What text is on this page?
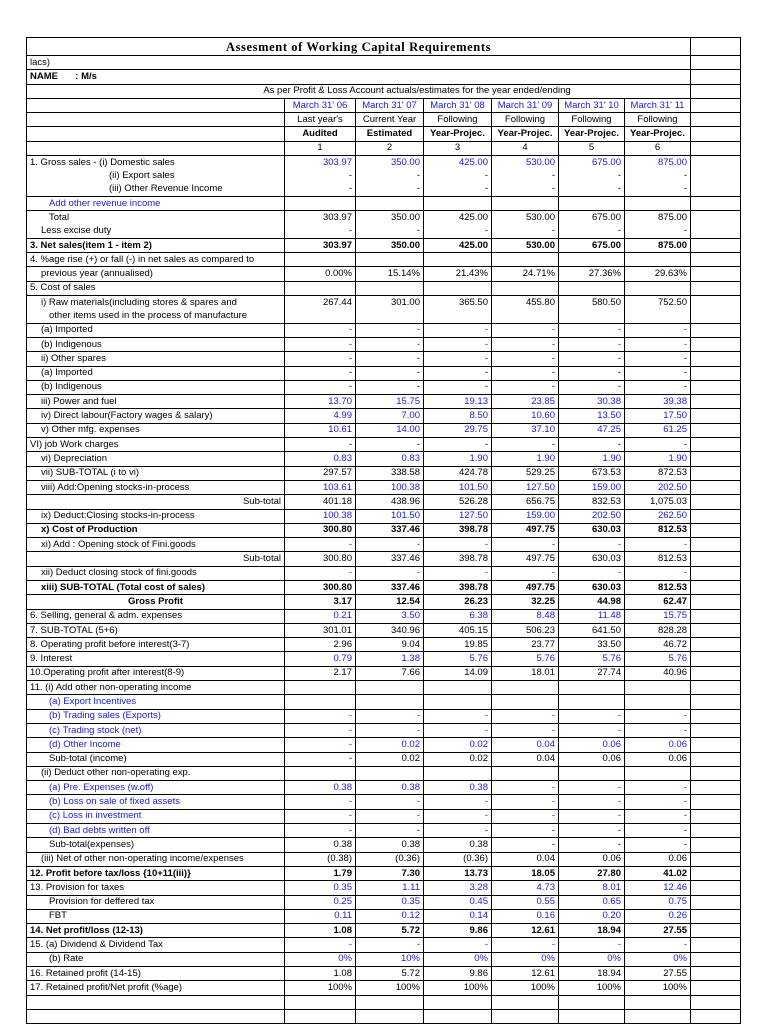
Assesment of Working Capital Requirements							
lacs)							
NAME : M/s							
As per Profit & Loss Account actuals/estimates for the year ended/ending							
	March 31' 06	March 31' 07	March 31' 08	March 31' 09	March 31' 10	March 31' 11	
	Last year's	Current Year	Following	Following	Following	Following	
	Audited	Estimated	Year-Projec.	Year-Projec.	Year-Projec.	Year-Projec.	
	1	2	3	4	5	6	
1. Gross sales - (i) Domestic sales	303.97	350.00	425.00	530.00	675.00	875.00	
(ii) Export sales	-	-	-	-	-	-	
(iii) Other Revenue Income	-	-	-	-	-	-	
Add other revenue income							
Total	303.97	350.00	425.00	530.00	675.00	875.00	
Less excise duty	-	-	-	-	-	-	
3. Net sales(item 1 - item 2)	303.97	350.00	425.00	530.00	675.00	875.00	
4. %age rise (+) or fall (-) in net sales as compared to							
previous year (annualised)	0.00%	15.14%	21.43%	24.71%	27.36%	29.63%	
5. Cost of sales							
i) Raw materials(including stores & spares and	267.44	301.00	365.50	455.80	580.50	752.50	
other items used in the process of manufacture							
(a) Imported	-	-	-	-	-	-	
(b) Indigenous	-	-	-	-	-	-	
ii) Other spares	-	-	-	-	-	-	
(a) Imported	-	-	-	-	-	-	
(b) Indigenous	-	-	-	-	-	-	
iii) Power and fuel	13.70	15.75	19.13	23.85	30.38	39.38	
iv) Direct labour(Factory wages & salary)	4.99	7.00	8.50	10.60	13.50	17.50	
v) Other mfg. expenses	10.61	14.00	29.75	37.10	47.25	61.25	
VI) job Work charges	-	-	-	-	-	-	
vi) Depreciation	0.83	0.83	1.90	1.90	1.90	1.90	
vii) SUB-TOTAL (i to vi)	297.57	338.58	424.78	529.25	673.53	872.53	
viii) Add:Opening stocks-in-process	103.61	100.38	101.50	127.50	159.00	202.50	
Sub-total	401.18	438.96	526.28	656.75	832.53	1,075.03	
ix) Deduct:Closing stocks-in-process	100.38	101.50	127.50	159.00	202.50	262.50	
x) Cost of Production	300.80	337.46	398.78	497.75	630.03	812.53	
xi) Add : Opening stock of Fini.goods	-	-	-	-	-	-	
Sub-total	300.80	337.46	398.78	497.75	630.03	812.53	
xii) Deduct closing stock of fini.goods	-	-	-	-	-	-	
xiii) SUB-TOTAL (Total cost of sales)	300.80	337.46	398.78	497.75	630.03	812.53	
Gross Profit	3.17	12.54	26.23	32.25	44.98	62.47	
6. Selling, general & adm. expenses	0.21	3.50	6.38	8.48	11.48	15.75	
7. SUB-TOTAL (5+6)	301.01	340.96	405.15	506.23	641.50	828.28	
8. Operating profit before interest(3-7)	2.96	9.04	19.85	23.77	33.50	46.72	
9. Interest	0.79	1.38	5.76	5.76	5.76	5.76	
10.Operating profit after interest(8-9)	2.17	7.66	14.09	18.01	27.74	40.96	
11. (i) Add other non-operating income							
(a) Export Incentives							
(b) Trading sales (Exports)	-	-	-	-	-	-	
(c) Trading stock (net)	-	-	-	-	-	-	
(d) Other Income	-	0.02	0.02	0.04	0.06	0.06	
Sub-total (income)	-	0.02	0.02	0.04	0.06	0.06	
(ii) Deduct other non-operating exp.							
(a) Pre. Expenses (w.off)	0.38	0.38	0.38	-	-	-	
(b) Loss on sale of fixed assets	-	-	-	-	-	-	
(c) Loss in investment	-	-	-	-	-	-	
(d) Bad debts written off	-	-	-	-	-	-	
Sub-total(expenses)	0.38	0.38	0.38	-	-	-	
(iii) Net of other non-operating income/expenses	(0.38)	(0.36)	(0.36)	0.04	0.06	0.06	
12. Profit before tax/loss {10+11(iii)}	1.79	7.30	13.73	18.05	27.80	41.02	
13. Provision for taxes	0.35	1.11	3.28	4.73	8.01	12.46	
Provision for deffered tax	0.25	0.35	0.45	0.55	0.65	0.75	
FBT	0.11	0.12	0.14	0.16	0.20	0.26	
14. Net profit/loss (12-13)	1.08	5.72	9.86	12.61	18.94	27.55	
15. (a) Dividend & Dividend Tax	-	-	-	-	-	-	
(b) Rate	0%	10%	0%	0%	0%	0%	
16. Retained profit (14-15)	1.08	5.72	9.86	12.61	18.94	27.55	
17. Retained profit/Net profit (%age)	100%	100%	100%	100%	100%	100%	
